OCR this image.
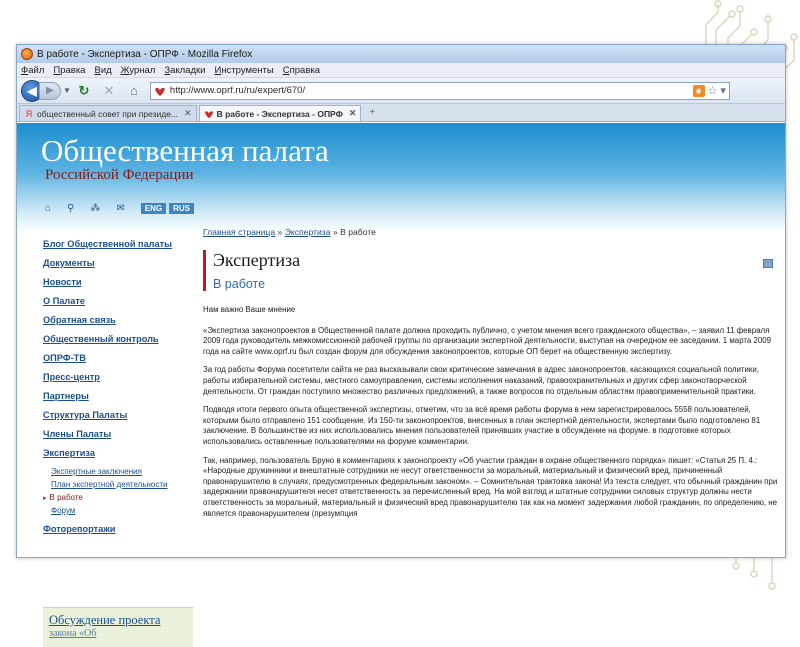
В работе - Экспертиза - ОПРФ - Mozilla Firefox
Файл Правка Вид Журнал Закладки Инструменты Справка
◀ ▶ ▼ ↻ ✕	⌂	http://www.oprf.ru/ru/expert/670/	◉ ☆ ▾
Я общественный совет при президе... ✕	В работе - Экспертиза - ОПРФ ✕	+
Общественная палата
Российской Федерации
⌂ ⚲ ⁂ ✉	ENG	RUS
Блог Общественной палаты
Документы
Новости
О Палате
Обратная связь
Общественный контроль
ОПРФ-ТВ
Пресс-центр
Партнеры
Структура Палаты
Члены Палаты
Экспертиза
Экспертные заключения
План экспертной деятельности
▸ В работе
Форум
Фоторепортажи
Обсуждение проекта
закона «Об
Главная страница » Экспертиза » В работе
Экспертиза
В работе

Нам важно Ваше мнение

«Экспертиза законопроектов в Общественной палате должна проходить публично, с учетом мнения всего гражданского общества», – заявил 11 февраля 2009 года руководитель межкомиссионной рабочей группы по организации экспертной деятельности, выступая на очередном ее заседании. 1 марта 2009 года на сайте www.oprf.ru был создан форум для обсуждения законопроектов, которые ОП берет на общественную экспертизу.

За год работы Форума посетители сайта не раз высказывали свои критические замечания в адрес законопроектов, касающихся социальной политики, работы избирательной системы, местного самоуправления, системы исполнения наказаний, правоохранительных и других сфер законотворческой деятельности. От граждан поступило множество различных предложений, а также вопросов по отдельным областям правоприменительной практики.

Подводя итоги первого опыта общественной экспертизы, отметим, что за всё время работы форума в нем зарегистрировалось 5558 пользователей, которыми было отправлено 151 сообщение. Из 150-ти законопроектов, внесенных в план экспертной деятельности, экспертами было подготовлено 81 заключение. В большинстве из них использовались мнения пользователей принявших участие в обсуждение на форуме. в подготовке которых использовались оставленные пользователями на форуме комментарии.

Так, например, пользователь Бруно в комментариях к законопроекту «Об участии граждан в охране общественного порядка» пишет: «Статья 25 П. 4.: «Народные дружинники и внештатные сотрудники не несут ответственности за моральный, материальный и физический вред, причиненный правонарушителю в случаях, предусмотренных федеральным законом». – Сомнительная трактовка закона! Из текста следует, что обычный гражданин при задержании правонарушителя несет ответственность за перечисленный вред. На мой взгляд и штатные сотрудники силовых структур должны нести ответственность за моральный, материальный и физический вред правонарушителю так как на момент задержания любой гражданин, по определению, не является правонарушителем (презумпция
